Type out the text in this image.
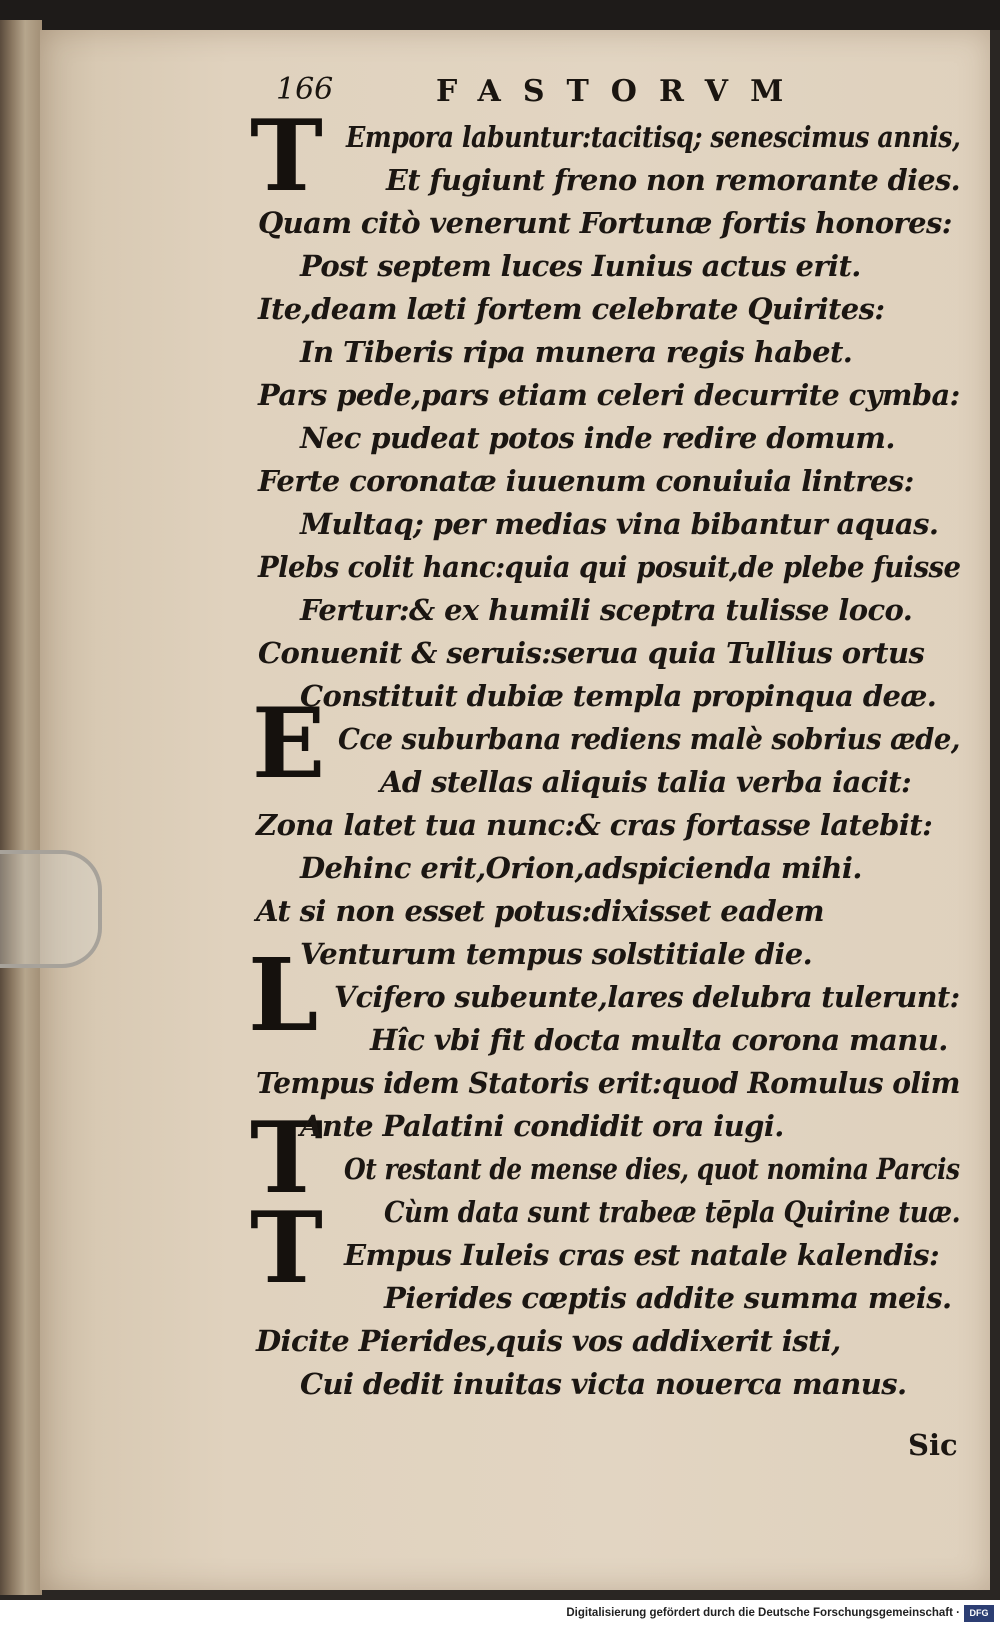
166	FASTORVM
T
E
L
T
T
Empora labuntur:tacitisq; senescimus annis,
Et fugiunt freno non remorante dies.
Quam citò venerunt Fortunæ fortis honores:
Post septem luces Iunius actus erit.
Ite,deam læti fortem celebrate Quirites:
In Tiberis ripa munera regis habet.
Pars pede,pars etiam celeri decurrite cymba:
Nec pudeat potos inde redire domum.
Ferte coronatæ iuuenum conuiuia lintres:
Multaq; per medias vina bibantur aquas.
Plebs colit hanc:quia qui posuit,de plebe fuisse
Fertur:& ex humili sceptra tulisse loco.
Conuenit & seruis:serua quia Tullius ortus
Constituit dubiæ templa propinqua deæ.
Cce suburbana rediens malè sobrius æde,
Ad stellas aliquis talia verba iacit:
Zona latet tua nunc:& cras fortasse latebit:
Dehinc erit,Orion,adspicienda mihi.
At si non esset potus:dixisset eadem
Venturum tempus solstitiale die.
Vcifero subeunte,lares delubra tulerunt:
Hîc vbi fit docta multa corona manu.
Tempus idem Statoris erit:quod Romulus olim
Ante Palatini condidit ora iugi.
Ot restant de mense dies, quot nomina Parcis
Cùm data sunt trabeæ tēpla Quirine tuæ.
Empus Iuleis cras est natale kalendis:
Pierides cœptis addite summa meis.
Dicite Pierides,quis vos addixerit isti,
Cui dedit inuitas victa nouerca manus.
Sic
Digitalisierung gefördert durch die Deutsche Forschungsgemeinschaft ·	DFG
